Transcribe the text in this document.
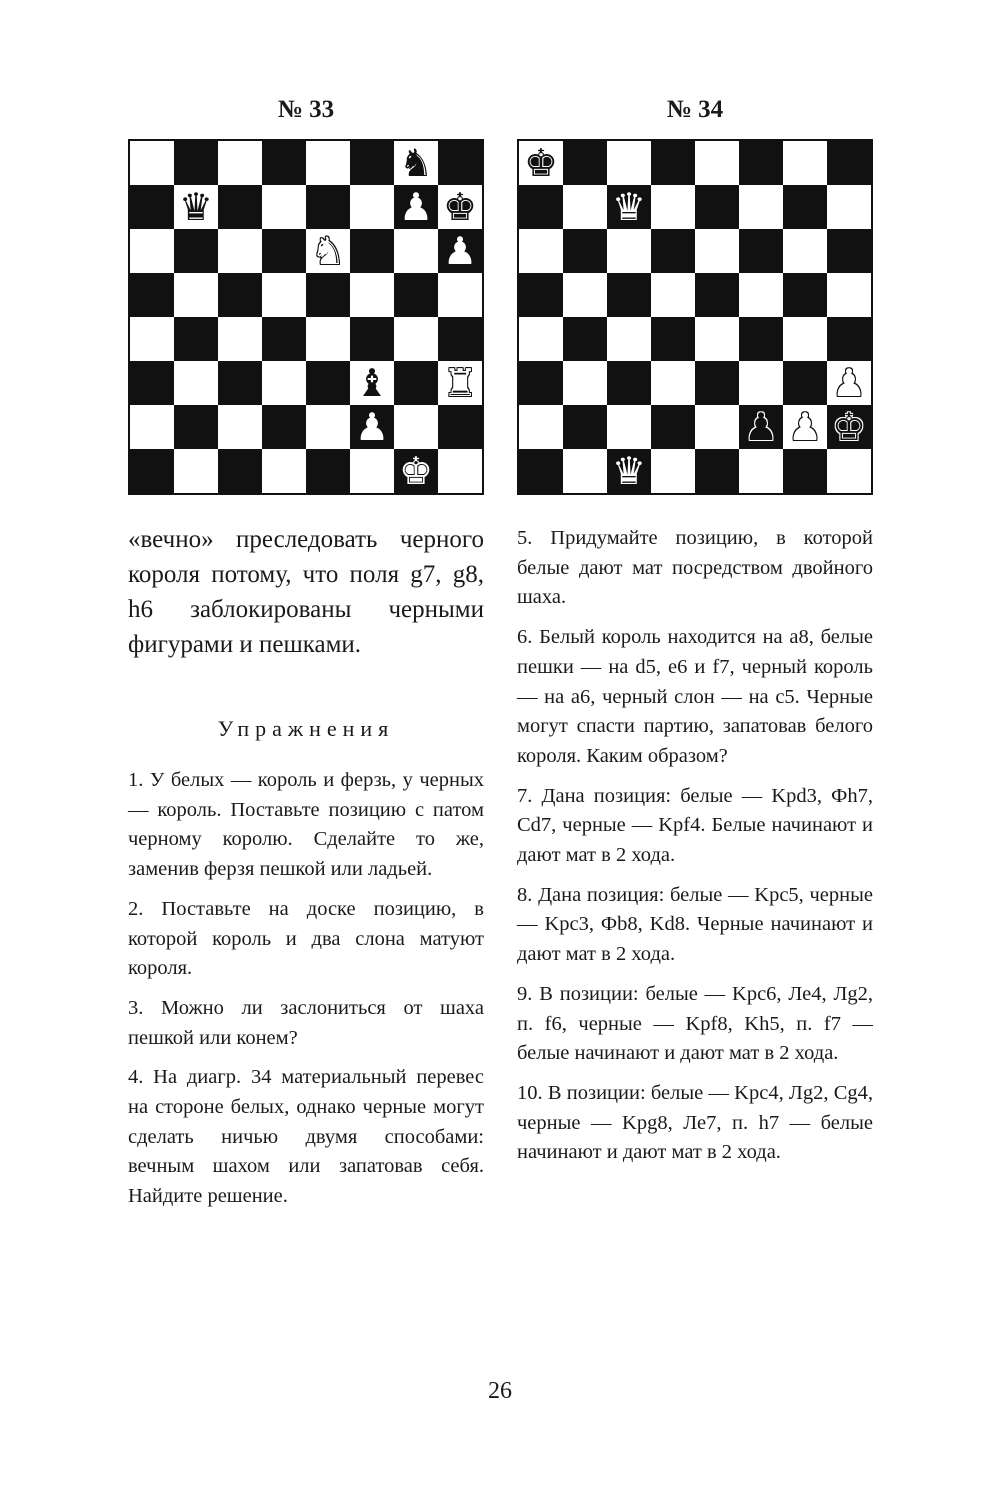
№ 33	№ 34
♞
♛	♟ ♚
♞	♟
♝ ♜
♟
♚
♚
♛
♟
♟ ♟ ♚
♛

«вечно» преследовать черного короля потому, что поля g7, g8, h6 заблокированы черными фигурами и пешками.

Упражнения

1. У белых — король и ферзь, у черных — король. Поставьте позицию с патом черному королю. Сделайте то же, заменив ферзя пешкой или ладьей.

2. Поставьте на доске позицию, в которой король и два слона матуют короля.

3. Можно ли заслониться от шаха пешкой или конем?

4. На диагр. 34 материальный перевес на стороне белых, однако черные могут сделать ничью двумя способами: вечным шахом или запатовав себя. Найдите решение.

5. Придумайте позицию, в которой белые дают мат посредством двойного шаха.

6. Белый король находится на а8, белые пешки — на d5, е6 и f7, черный король — на а6, черный слон — на с5. Черные могут спасти партию, запатовав белого короля. Каким образом?

7. Дана позиция: белые — Kpd3, Фh7, Cd7, черные — Kpf4. Белые начинают и дают мат в 2 хода.

8. Дана позиция: белые — Kpc5, черные — Kpc3, Фb8, Kd8. Черные начинают и дают мат в 2 хода.

9. В позиции: белые — Kpc6, Ле4, Лg2, п. f6, черные — Kpf8, Kh5, п. f7 — белые начинают и дают мат в 2 хода.

10. В позиции: белые — Kpc4, Лg2, Cg4, черные — Kpg8, Ле7, п. h7 — белые начинают и дают мат в 2 хода.

26
